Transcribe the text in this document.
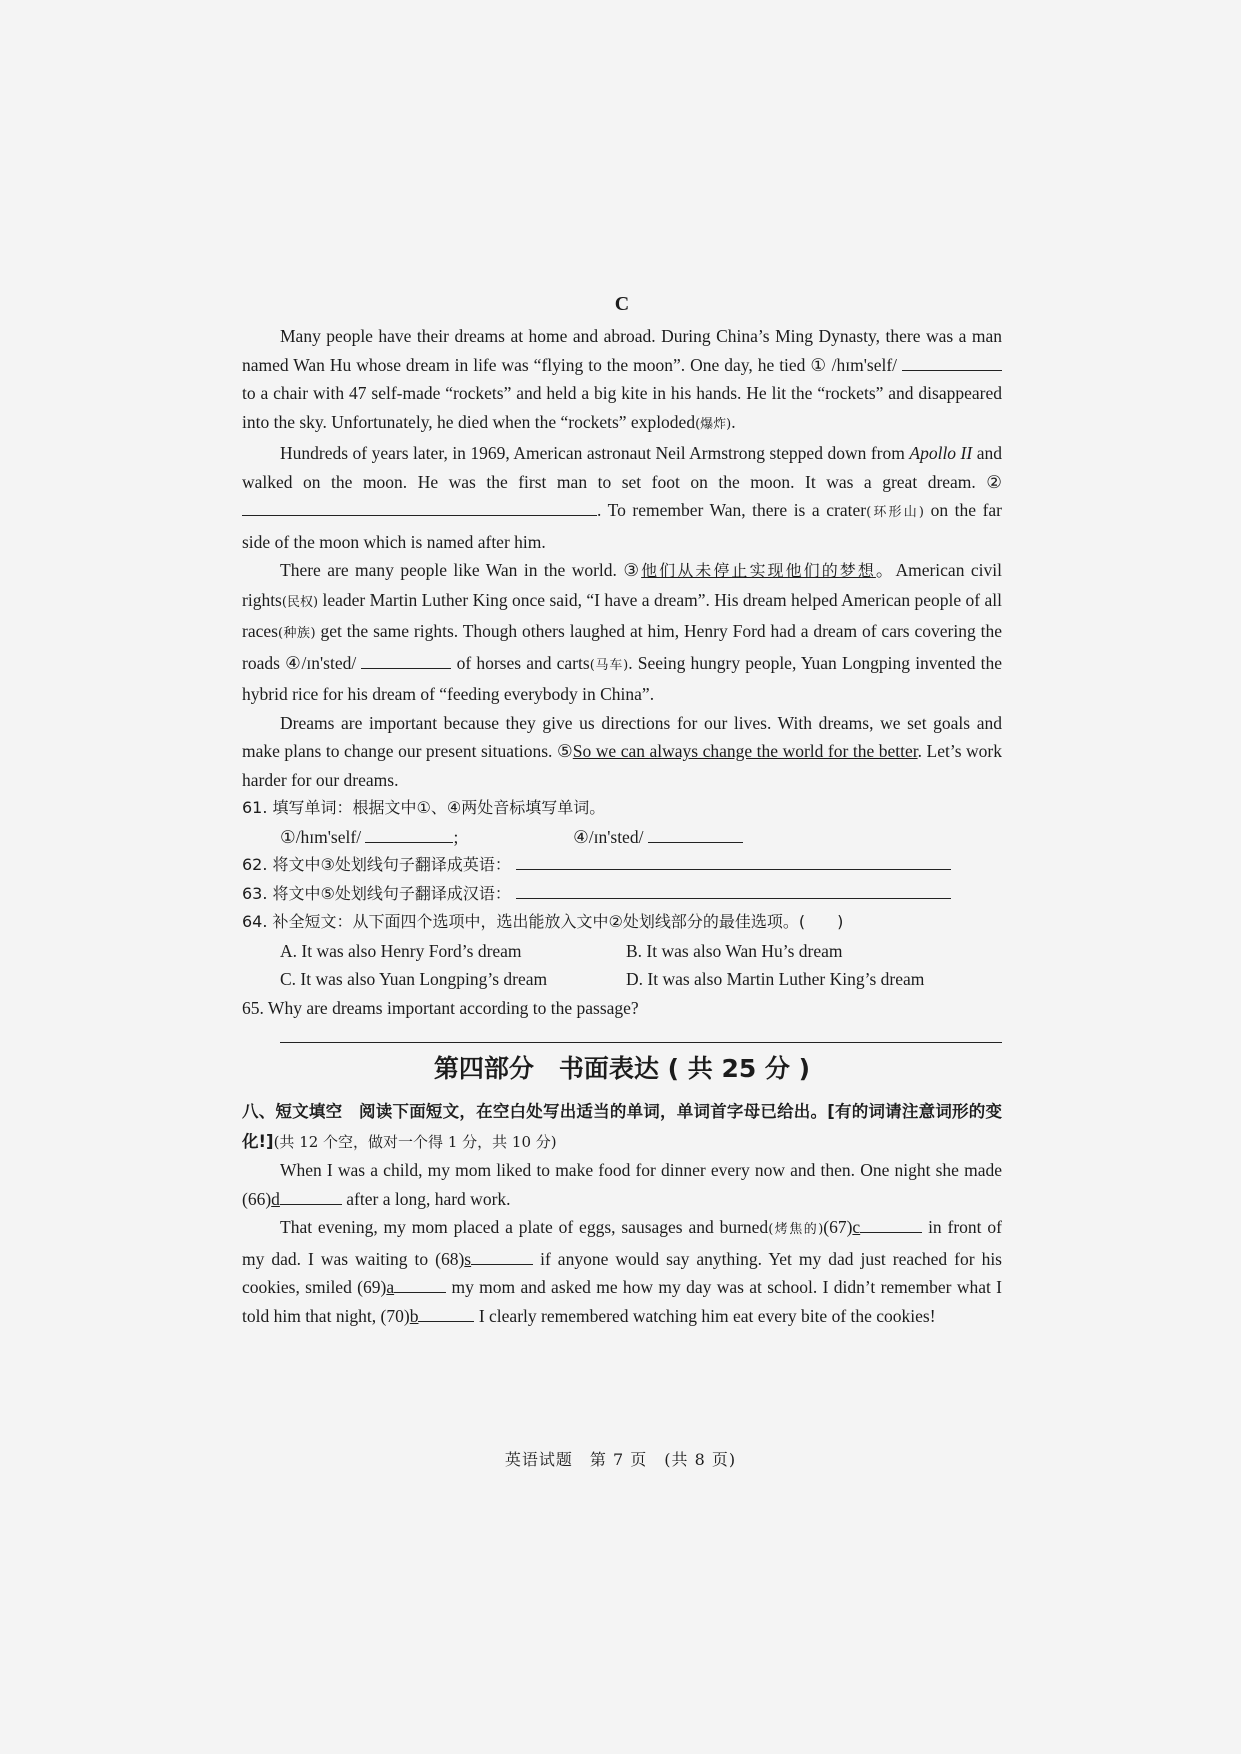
C

Many people have their dreams at home and abroad. During China’s Ming Dynasty, there was a man named Wan Hu whose dream in life was “flying to the moon”. One day, he tied ① /hɪm'self/  to a chair with 47 self-made “rockets” and held a big kite in his hands. He lit the “rockets” and disappeared into the sky. Unfortunately, he died when the “rockets” exploded(爆炸).

Hundreds of years later, in 1969, American astronaut Neil Armstrong stepped down from Apollo II and walked on the moon. He was the first man to set foot on the moon. It was a great dream. ②. To remember Wan, there is a crater(环形山) on the far side of the moon which is named after him.

There are many people like Wan in the world. ③他们从未停止实现他们的梦想。American civil rights(民权) leader Martin Luther King once said, “I have a dream”. His dream helped American people of all races(种族) get the same rights. Though others laughed at him, Henry Ford had a dream of cars covering the roads ④/ɪn'sted/	of horses and carts(马车). Seeing hungry people, Yuan Longping invented the hybrid rice for his dream of “feeding everybody in China”.

Dreams are important because they give us directions for our lives. With dreams, we set goals and make plans to change our present situations. ⑤So we can always change the world for the better. Let’s work harder for our dreams.

61. 填写单词：根据文中①、④两处音标填写单词。

①/hɪm'self/	;	④/ɪn'sted/

62. 将文中③处划线句子翻译成英语：

63. 将文中⑤处划线句子翻译成汉语：

64. 补全短文：从下面四个选项中，选出能放入文中②处划线部分的最佳选项。(　　)

A. It was also Henry Ford’s dream	B. It was also Wan Hu’s dream
C. It was also Yuan Longping’s dream	D. It was also Martin Luther King’s dream

65. Why are dreams important according to the passage?

第四部分　书面表达 ( 共 25 分 )

八、短文填空　阅读下面短文，在空白处写出适当的单词，单词首字母已给出。[有的词请注意词形的变化!](共 12 个空，做对一个得 1 分，共 10 分)

When I was a child, my mom liked to make food for dinner every now and then. One night she made (66)d	after a long, hard work.

That evening, my mom placed a plate of eggs, sausages and burned(烤焦的)(67)c	in front of my dad. I was waiting to (68)s	if anyone would say anything. Yet my dad just reached for his cookies, smiled (69)a	my mom and asked me how my day was at school. I didn’t remember what I told him that night, (70)b	I clearly remembered watching him eat every bite of the cookies!

英语试题　第 7 页　(共 8 页)
